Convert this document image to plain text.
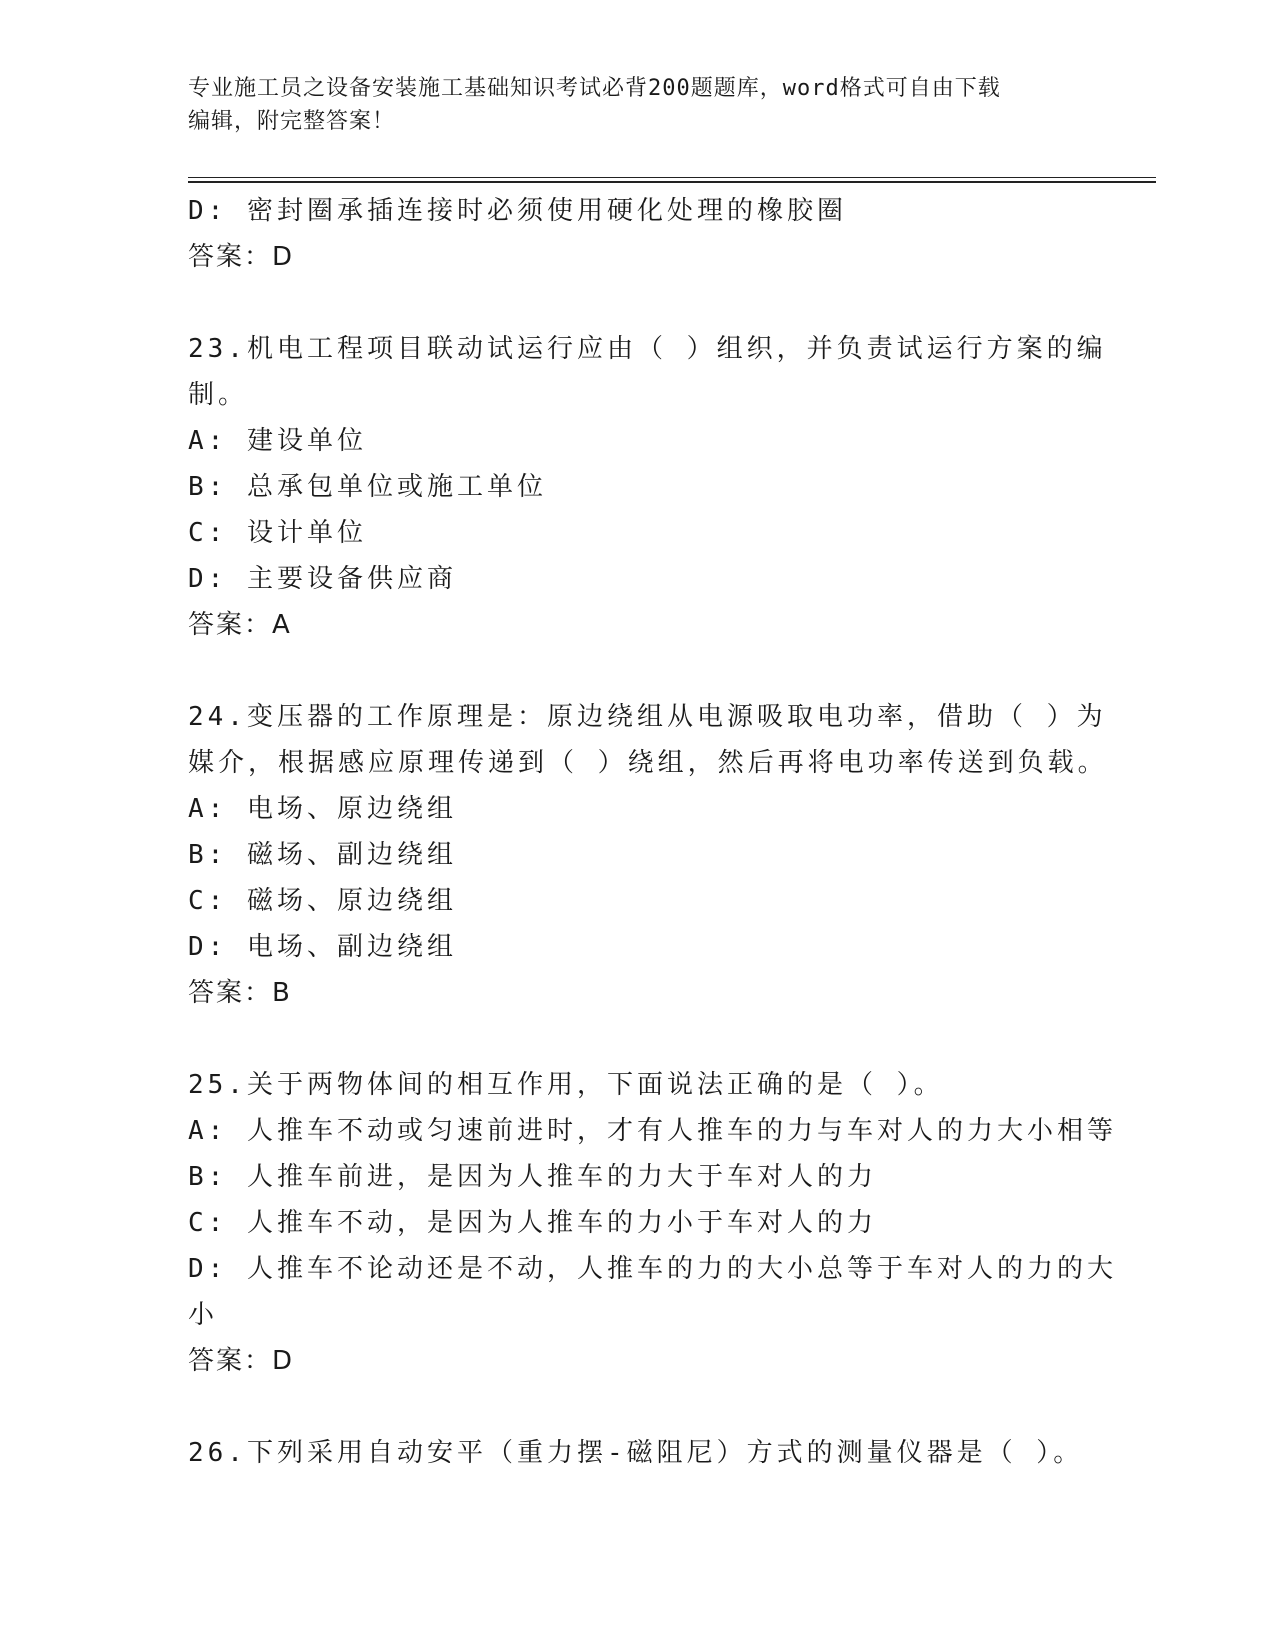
专业施工员之设备安装施工基础知识考试必背200题题库，word格式可自由下载
编辑，附完整答案！
D: 密封圈承插连接时必须使用硬化处理的橡胶圈
答案：D
23.机电工程项目联动试运行应由（ ）组织，并负责试运行方案的编
制。
A: 建设单位
B: 总承包单位或施工单位
C: 设计单位
D: 主要设备供应商
答案：A
24.变压器的工作原理是：原边绕组从电源吸取电功率，借助（ ）为
媒介，根据感应原理传递到（ ）绕组，然后再将电功率传送到负载。
A: 电场、原边绕组
B: 磁场、副边绕组
C: 磁场、原边绕组
D: 电场、副边绕组
答案：B
25.关于两物体间的相互作用，下面说法正确的是（ ）。
A: 人推车不动或匀速前进时，才有人推车的力与车对人的力大小相等
B: 人推车前进，是因为人推车的力大于车对人的力
C: 人推车不动，是因为人推车的力小于车对人的力
D: 人推车不论动还是不动，人推车的力的大小总等于车对人的力的大
小
答案：D
26.下列采用自动安平（重力摆-磁阻尼）方式的测量仪器是（ ）。
